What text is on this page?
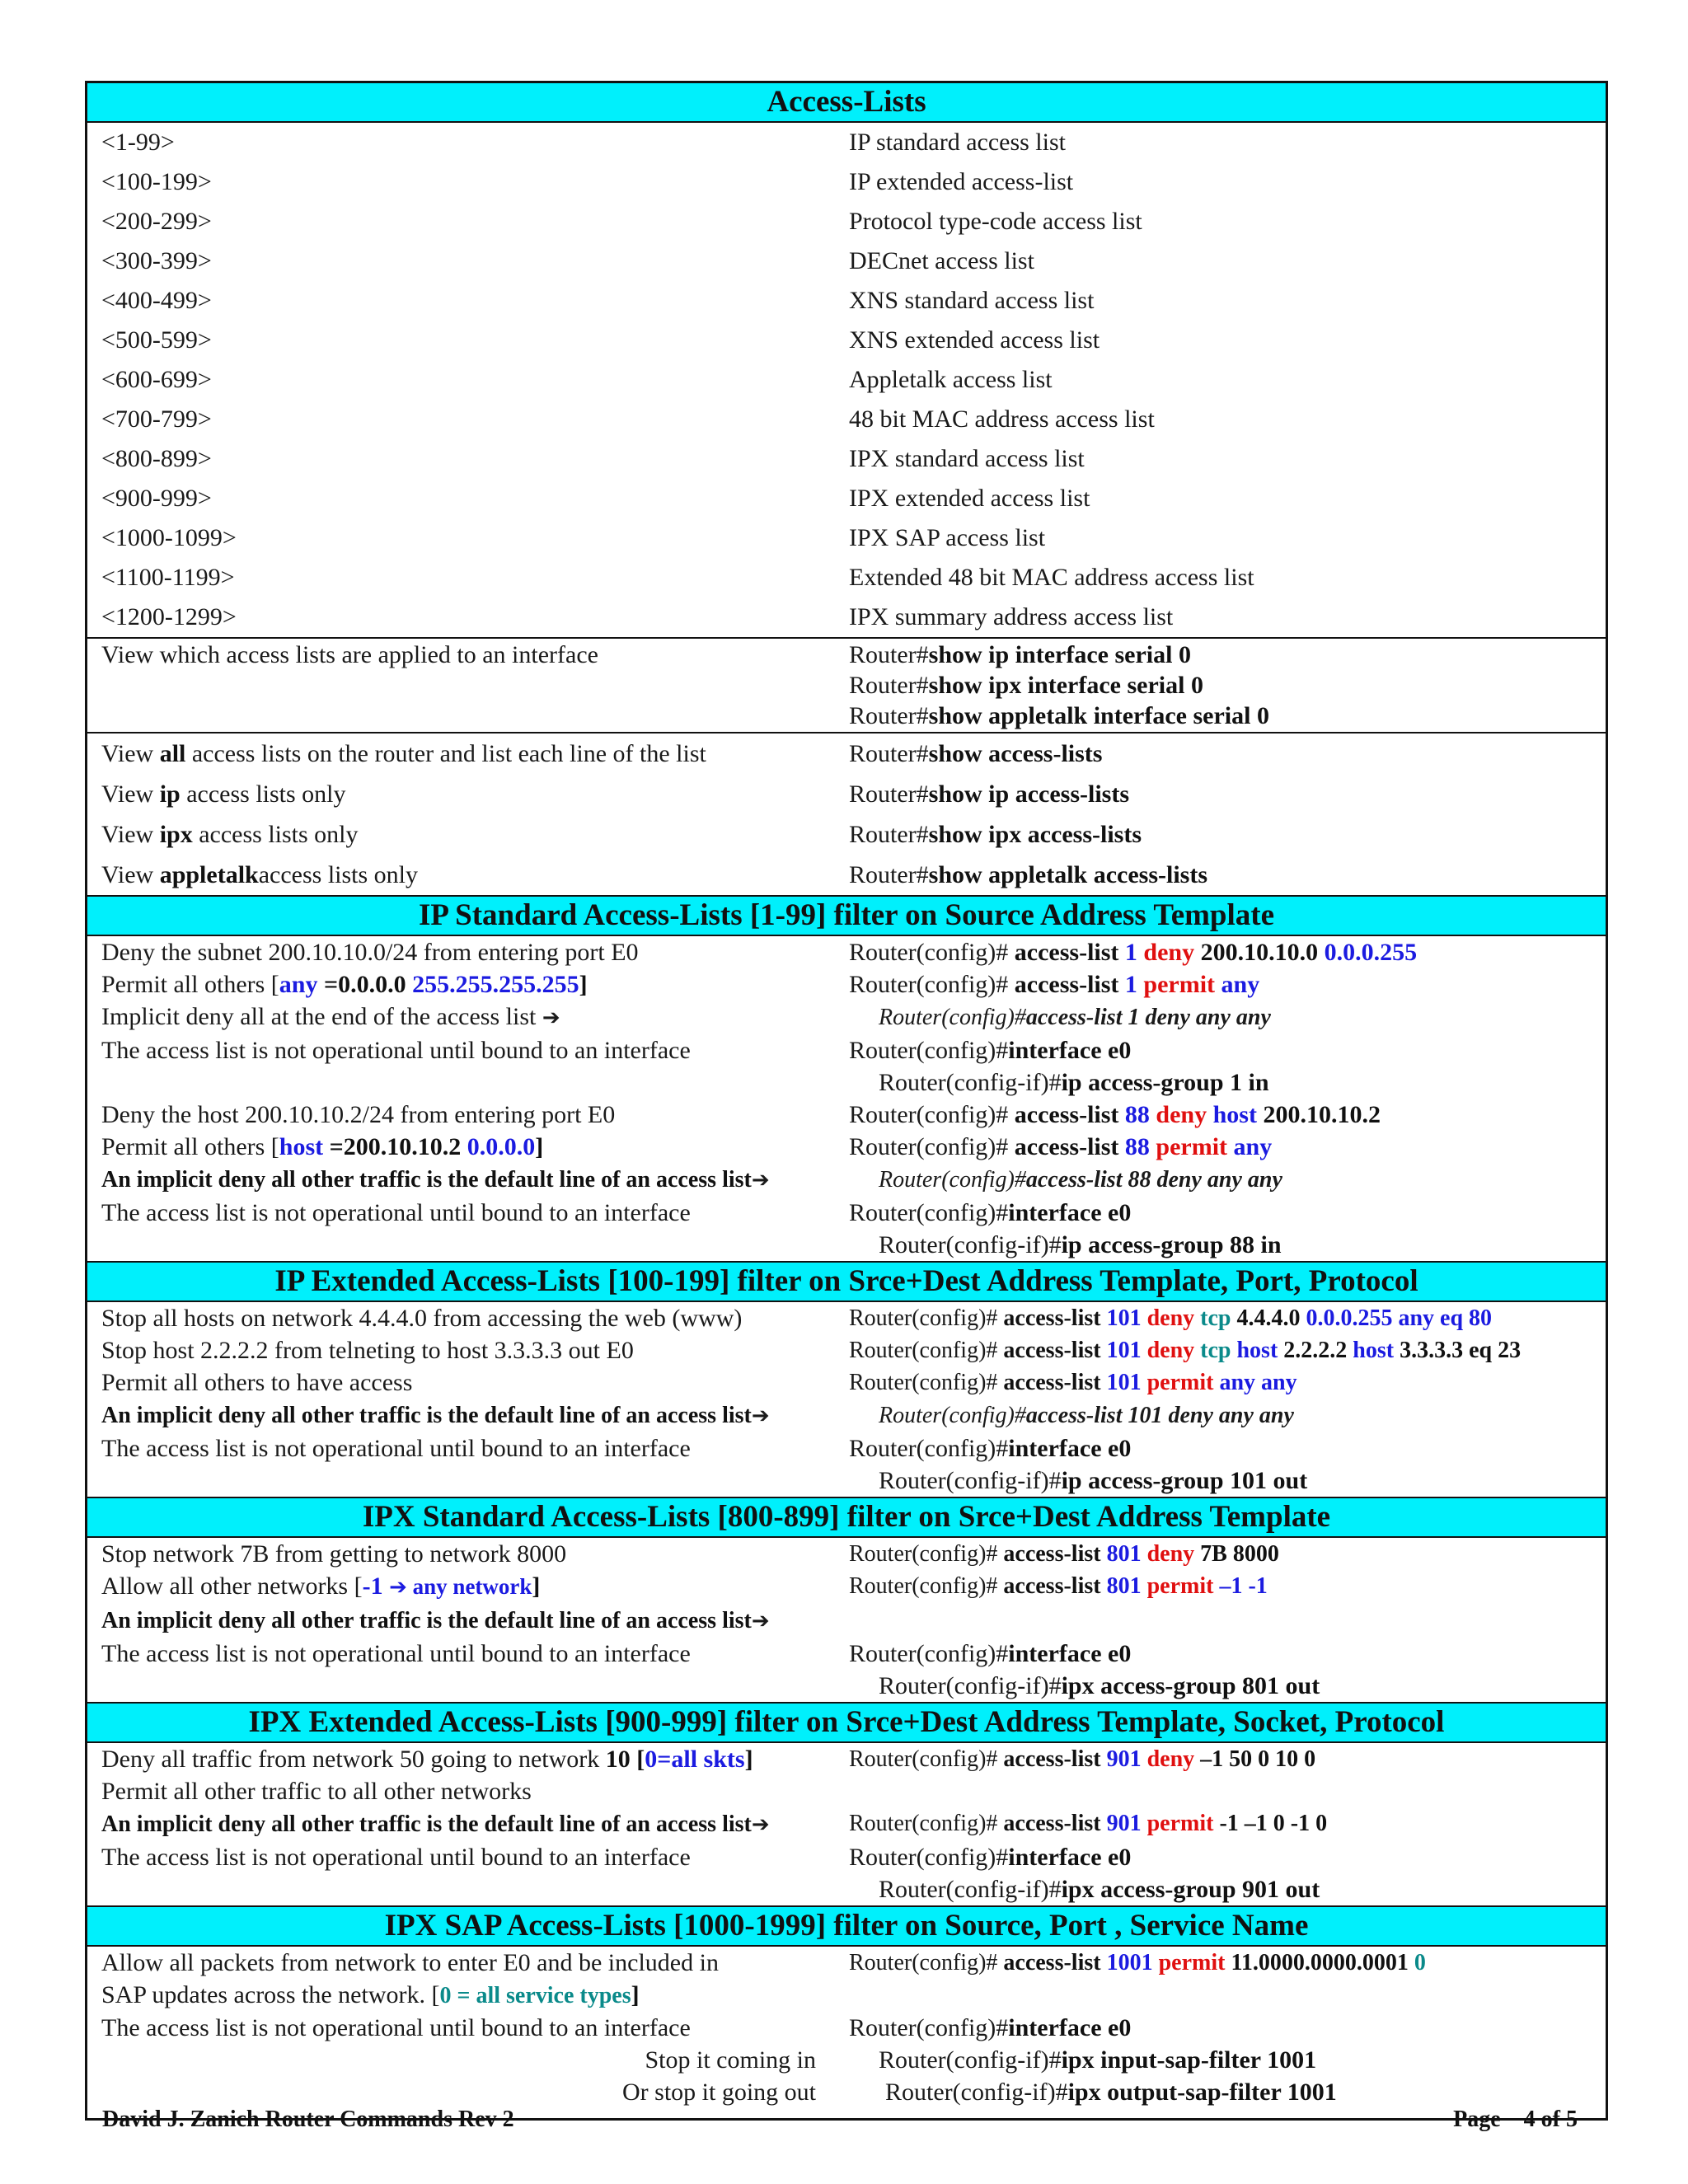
Access-Lists
<1-99>	IP standard access list
<100-199>	IP extended access-list
<200-299>	Protocol type-code access list
<300-399>	DECnet access list
<400-499>	XNS standard access list
<500-599>	XNS extended access list
<600-699>	Appletalk access list
<700-799>	48 bit MAC address access list
<800-899>	IPX standard access list
<900-999>	IPX extended access list
<1000-1099>	IPX SAP access list
<1100-1199>	Extended 48 bit MAC address access list
<1200-1299>	IPX summary address access list
View which access lists are applied to an interface	Router#show ip interface serial 0
Router#show ipx interface serial 0
Router#show appletalk interface serial 0
View all access lists on the router and list each line of the list	Router#show access-lists
View ip access lists only	Router#show ip access-lists
View ipx access lists only	Router#show ipx access-lists
View appletalkaccess lists only	Router#show appletalk access-lists
IP Standard Access-Lists [1-99] filter on Source Address Template
Deny the subnet 200.10.10.0/24 from entering port E0	Router(config)# access-list 1 deny 200.10.10.0 0.0.0.255
Permit all others [any =0.0.0.0 255.255.255.255]	Router(config)# access-list 1 permit any
Implicit deny all at the end of the access list ➔	Router(config)#access-list 1 deny any any
The access list is not operational until bound to an interface	Router(config)#interface e0
Router(config-if)#ip access-group 1 in
Deny the host 200.10.10.2/24 from entering port E0	Router(config)# access-list 88 deny host 200.10.10.2
Permit all others [host =200.10.10.2 0.0.0.0]	Router(config)# access-list 88 permit any
An implicit deny all other traffic is the default line of an access list➔	Router(config)#access-list 88 deny any any
The access list is not operational until bound to an interface	Router(config)#interface e0
Router(config-if)#ip access-group 88 in
IP Extended Access-Lists [100-199] filter on Srce+Dest Address Template, Port, Protocol
Stop all hosts on network 4.4.4.0 from accessing the web (www)	Router(config)# access-list 101 deny tcp 4.4.4.0 0.0.0.255 any eq 80
Stop host 2.2.2.2 from telneting to host 3.3.3.3 out E0	Router(config)# access-list 101 deny tcp host 2.2.2.2 host 3.3.3.3 eq 23
Permit all others to have access	Router(config)# access-list 101 permit any any
An implicit deny all other traffic is the default line of an access list➔	Router(config)#access-list 101 deny any any
The access list is not operational until bound to an interface	Router(config)#interface e0
Router(config-if)#ip access-group 101 out
IPX Standard Access-Lists [800-899] filter on Srce+Dest Address Template
Stop network 7B from getting to network 8000	Router(config)# access-list 801 deny 7B 8000
Allow all other networks [-1 ➔ any network]	Router(config)# access-list 801 permit –1 -1
An implicit deny all other traffic is the default line of an access list➔
The access list is not operational until bound to an interface	Router(config)#interface e0
Router(config-if)#ipx access-group 801 out
IPX Extended Access-Lists [900-999] filter on Srce+Dest Address Template, Socket, Protocol
Deny all traffic from network 50 going to network 10 [0=all skts]	Router(config)# access-list 901 deny –1 50 0 10 0
Permit all other traffic to all other networks
An implicit deny all other traffic is the default line of an access list➔	Router(config)# access-list 901 permit -1 –1 0 -1 0
The access list is not operational until bound to an interface	Router(config)#interface e0
Router(config-if)#ipx access-group 901 out
IPX SAP Access-Lists [1000-1999] filter on Source, Port , Service Name
Allow all packets from network to enter E0 and be included in	Router(config)# access-list 1001 permit 11.0000.0000.0001 0
SAP updates across the network. [0 = all service types]
The access list is not operational until bound to an interface	Router(config)#interface e0
Stop it coming in	Router(config-if)#ipx input-sap-filter 1001
Or stop it going out	Router(config-if)#ipx output-sap-filter 1001
David J. Zanich Router Commands Rev 2	Page    4 of 5
